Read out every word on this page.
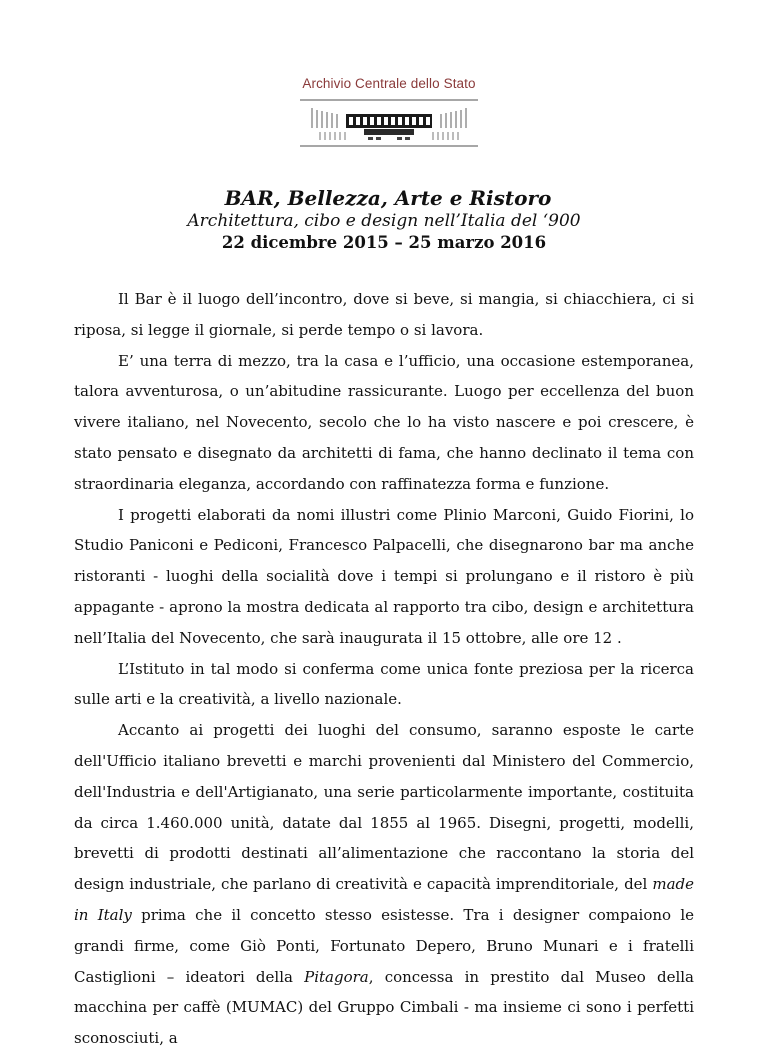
Archivio Centrale dello Stato

BAR, Bellezza, Arte e Ristoro

Architettura, cibo e design nell’Italia del ‘900

22 dicembre 2015 – 25 marzo 2016

Il Bar è il luogo dell’incontro, dove si beve, si mangia, si chiacchiera, ci si riposa, si legge il giornale, si perde tempo o si lavora.

E’ una terra di mezzo, tra la casa e l’ufficio, una occasione estemporanea, talora avventurosa, o un’abitudine rassicurante. Luogo per eccellenza del buon vivere italiano, nel Novecento, secolo che lo ha visto nascere e poi crescere, è stato pensato e disegnato da architetti di fama, che hanno declinato il tema con straordinaria eleganza, accordando con raffinatezza forma e funzione.

I progetti elaborati da nomi illustri come Plinio Marconi, Guido Fiorini, lo Studio Paniconi e Pediconi, Francesco Palpacelli, che disegnarono bar ma anche ristoranti - luoghi della socialità dove i tempi si prolungano e il ristoro è più appagante - aprono la mostra dedicata al rapporto tra cibo, design e architettura nell’Italia del Novecento, che sarà inaugurata il 15 ottobre, alle ore 12 .

L’Istituto in tal modo si conferma come unica fonte preziosa per la ricerca sulle arti e la creatività, a livello nazionale.

Accanto ai progetti dei luoghi del consumo, saranno esposte le carte dell'Ufficio italiano brevetti e marchi provenienti dal Ministero del Commercio, dell'Industria e dell'Artigianato, una serie particolarmente importante, costituita da circa 1.460.000 unità, datate dal 1855 al 1965. Disegni, progetti, modelli, brevetti di prodotti destinati all’alimentazione che raccontano la storia del design industriale, che parlano di creatività e capacità imprenditoriale, del made in Italy prima che il concetto stesso esistesse. Tra i designer compaiono le grandi firme, come Giò Ponti, Fortunato Depero, Bruno Munari e i fratelli Castiglioni – ideatori della Pitagora, concessa in prestito dal Museo della macchina per caffè (MUMAC) del Gruppo Cimbali - ma insieme ci sono i perfetti sconosciuti, a
